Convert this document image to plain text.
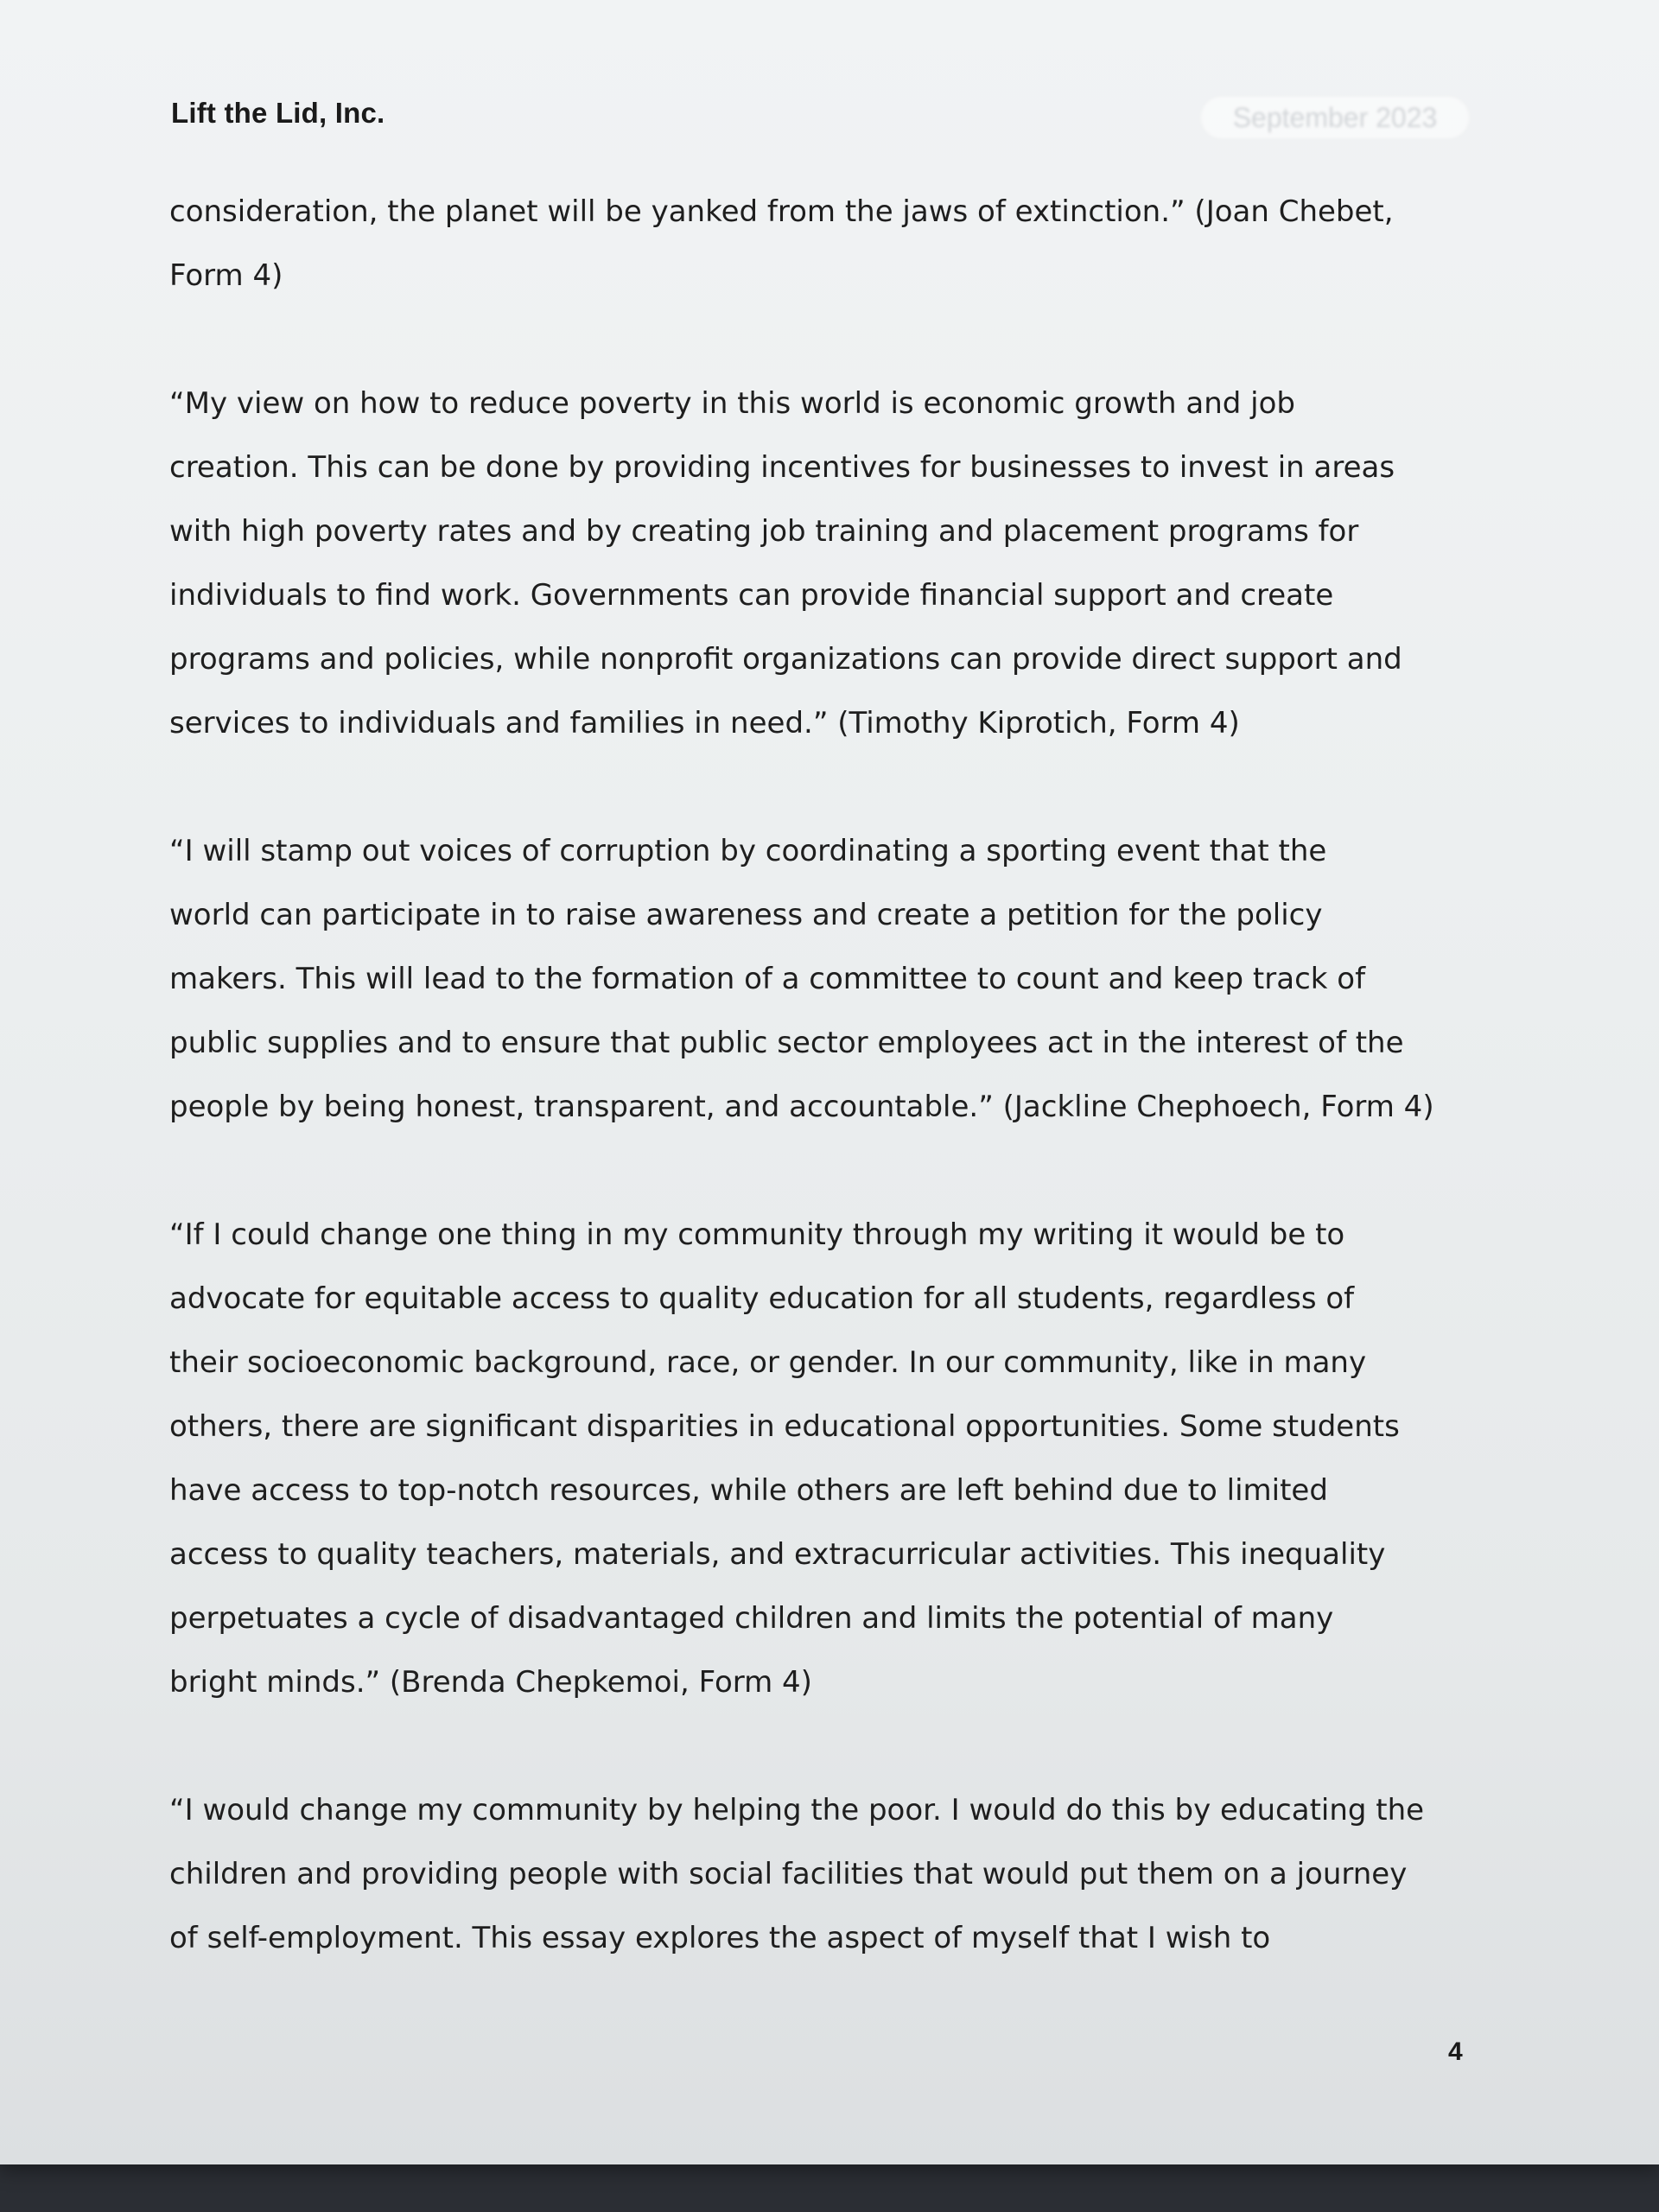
Lift the Lid, Inc.	September 2023

consideration, the planet will be yanked from the jaws of extinction.” (Joan Chebet,
Form 4)

“My view on how to reduce poverty in this world is economic growth and job
creation. This can be done by providing incentives for businesses to invest in areas
with high poverty rates and by creating job training and placement programs for
individuals to find work. Governments can provide financial support and create
programs and policies, while nonprofit organizations can provide direct support and
services to individuals and families in need.” (Timothy Kiprotich, Form 4)

“I will stamp out voices of corruption by coordinating a sporting event that the
world can participate in to raise awareness and create a petition for the policy
makers. This will lead to the formation of a committee to count and keep track of
public supplies and to ensure that public sector employees act in the interest of the
people by being honest, transparent, and accountable.” (Jackline Chephoech, Form 4)

“If I could change one thing in my community through my writing it would be to
advocate for equitable access to quality education for all students, regardless of
their socioeconomic background, race, or gender. In our community, like in many
others, there are significant disparities in educational opportunities. Some students
have access to top-notch resources, while others are left behind due to limited
access to quality teachers, materials, and extracurricular activities. This inequality
perpetuates a cycle of disadvantaged children and limits the potential of many
bright minds.” (Brenda Chepkemoi, Form 4)

“I would change my community by helping the poor. I would do this by educating the
children and providing people with social facilities that would put them on a journey
of self-employment. This essay explores the aspect of myself that I wish to

4
